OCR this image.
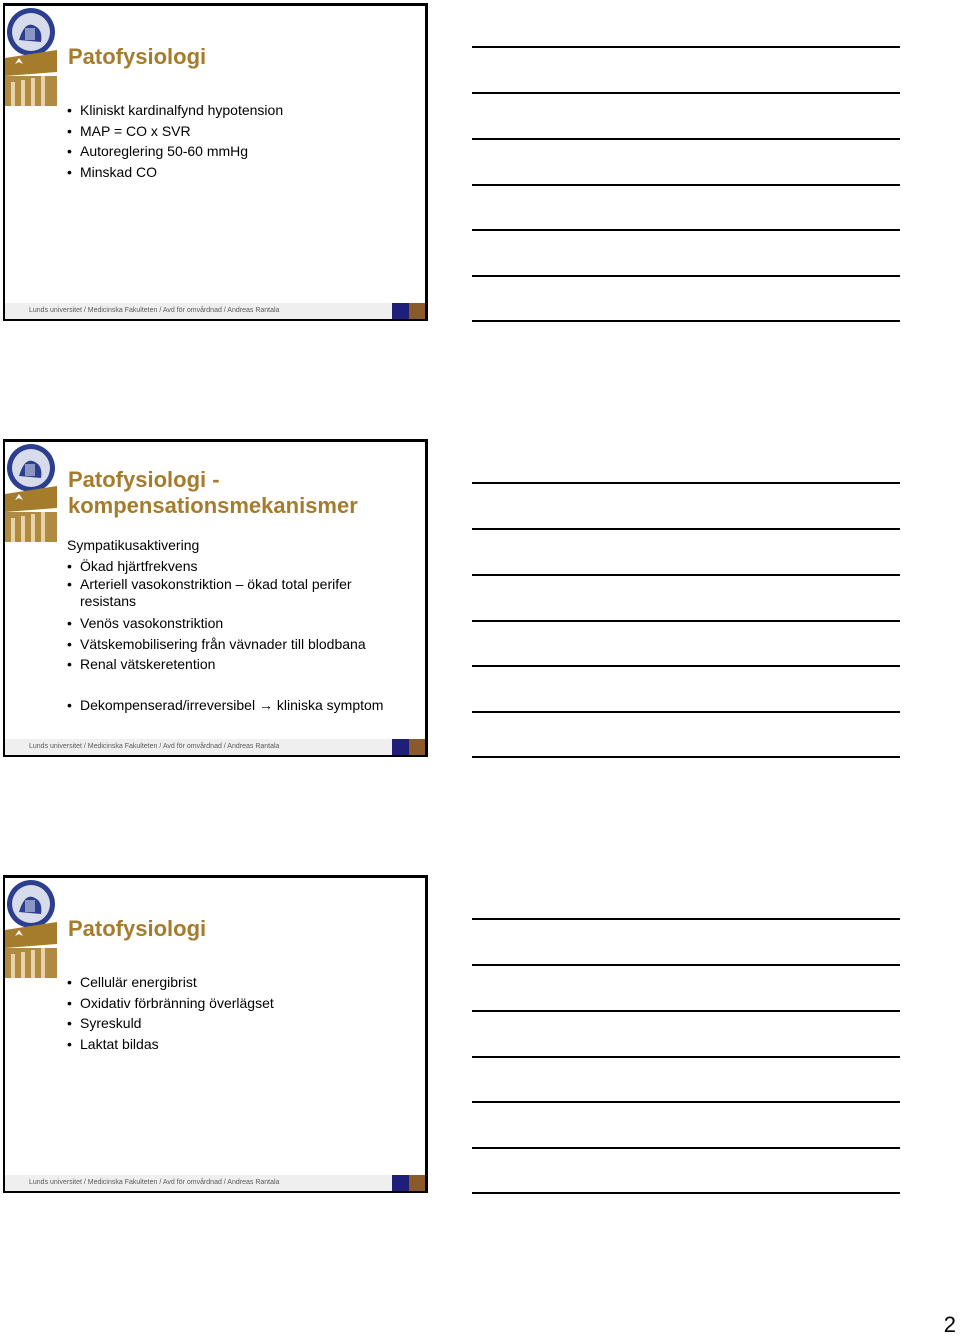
Patofysiologi
• Kliniskt kardinalfynd hypotension
• MAP = CO x SVR
• Autoreglering 50-60 mmHg
• Minskad CO
Lunds universitet / Medicinska Fakulteten / Avd för omvårdnad / Andreas Rantala
Patofysiologi -
kompensationsmekanismer
Sympatikusaktivering
• Ökad hjärtfrekvens
• Arteriell vasokonstriktion – ökad total perifer
resistans
• Venös vasokonstriktion
• Vätskemobilisering från vävnader till blodbana
• Renal vätskeretention
• Dekompenserad/irreversibel → kliniska symptom
Lunds universitet / Medicinska Fakulteten / Avd för omvårdnad / Andreas Rantala
Patofysiologi
• Cellulär energibrist
• Oxidativ förbränning överlägset
• Syreskuld
• Laktat bildas
Lunds universitet / Medicinska Fakulteten / Avd för omvårdnad / Andreas Rantala
2
